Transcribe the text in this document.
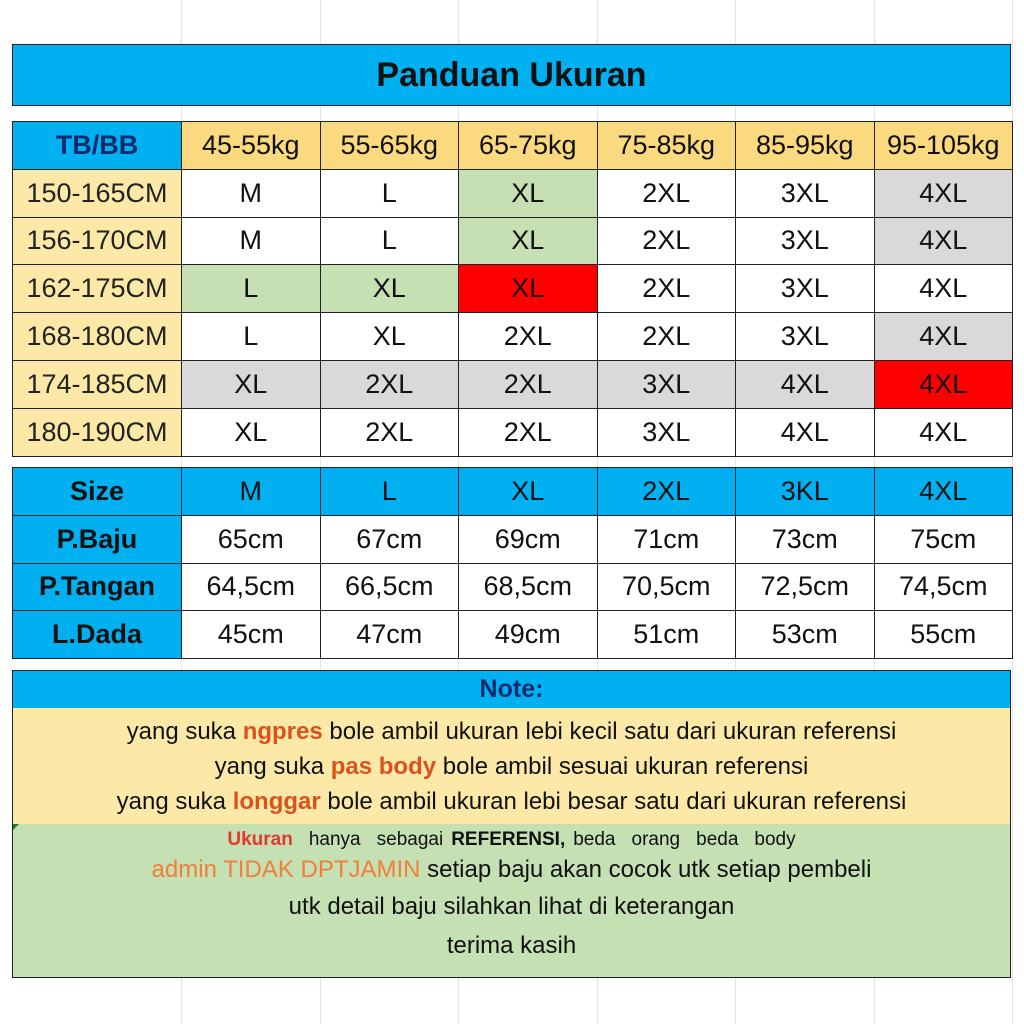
Panduan Ukuran
TB/BB	45-55kg	55-65kg	65-75kg	75-85kg	85-95kg	95-105kg
150-165CM	M	L	XL	2XL	3XL	4XL
156-170CM	M	L	XL	2XL	3XL	4XL
162-175CM	L	XL	XL	2XL	3XL	4XL
168-180CM	L	XL	2XL	2XL	3XL	4XL
174-185CM	XL	2XL	2XL	3XL	4XL	4XL
180-190CM	XL	2XL	2XL	3XL	4XL	4XL
Size	M	L	XL	2XL	3KL	4XL
P.Baju	65cm	67cm	69cm	71cm	73cm	75cm
P.Tangan	64,5cm	66,5cm	68,5cm	70,5cm	72,5cm	74,5cm
L.Dada	45cm	47cm	49cm	51cm	53cm	55cm
Note:
yang suka ngpres bole ambil ukuran lebi kecil satu dari ukuran referensi
yang suka pas body bole ambil sesuai ukuran referensi
yang suka longgar bole ambil ukuran lebi besar satu dari ukuran referensi
Ukuran hanya sebagai REFERENSI, beda orang beda body
admin TIDAK DPTJAMIN setiap baju akan cocok utk setiap pembeli
utk detail baju silahkan lihat di keterangan
terima kasih
